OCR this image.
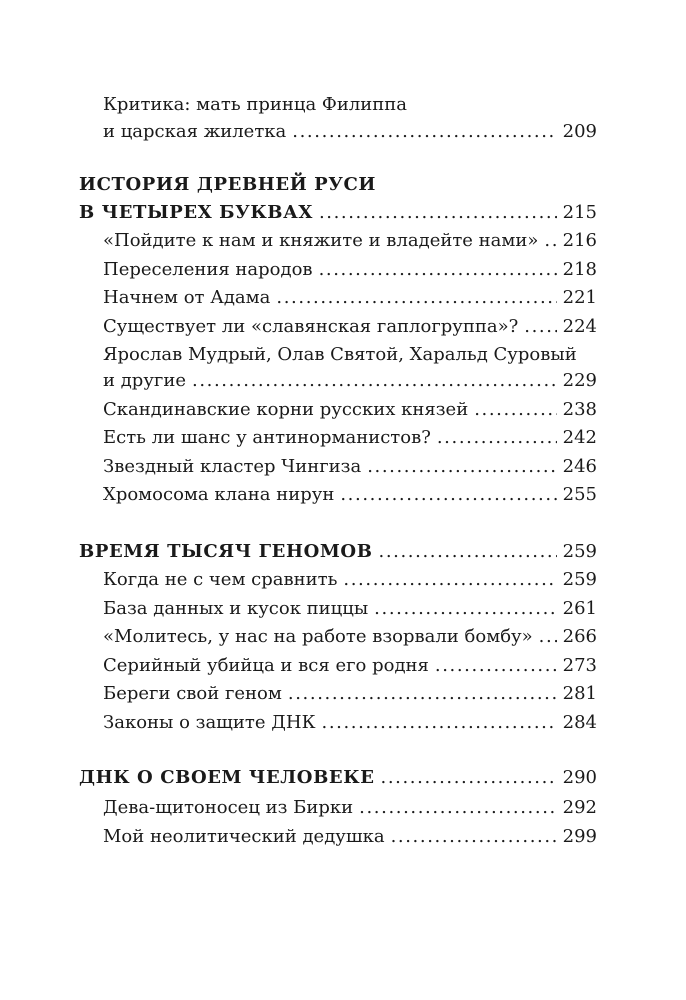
Критика: мать принца Филиппа
и царская жилетка .....	209
ИСТОРИЯ ДРЕВНЕЙ РУСИ
В ЧЕТЫРЕХ БУКВАХ .....	215
«Пойдите к нам и княжите и владейте нами» ..... 216
Переселения народов .....	218
Начнем от Адама .....	221
Существует ли «славянская гаплогруппа»? ..... 224
Ярослав Мудрый, Олав Святой, Харальд Суровый
и другие .....	229
Скандинавские корни русских князей .....	238
Есть ли шанс у антинорманистов? .....	242
Звездный кластер Чингиза .....	246
Хромосома клана нирун .....	255
ВРЕМЯ ТЫСЯЧ ГЕНОМОВ .....	259
Когда не с чем сравнить .....	259
База данных и кусок пиццы .....	261
«Молитесь, у нас на работе взорвали бомбу» ..... 266
Серийный убийца и вся его родня .....	273
Береги свой геном .....	281
Законы о защите ДНК .....	284
ДНК О СВОЕМ ЧЕЛОВЕКЕ .....	290
Дева-щитоносец из Бирки .....	292
Мой неолитический дедушка .....	299
